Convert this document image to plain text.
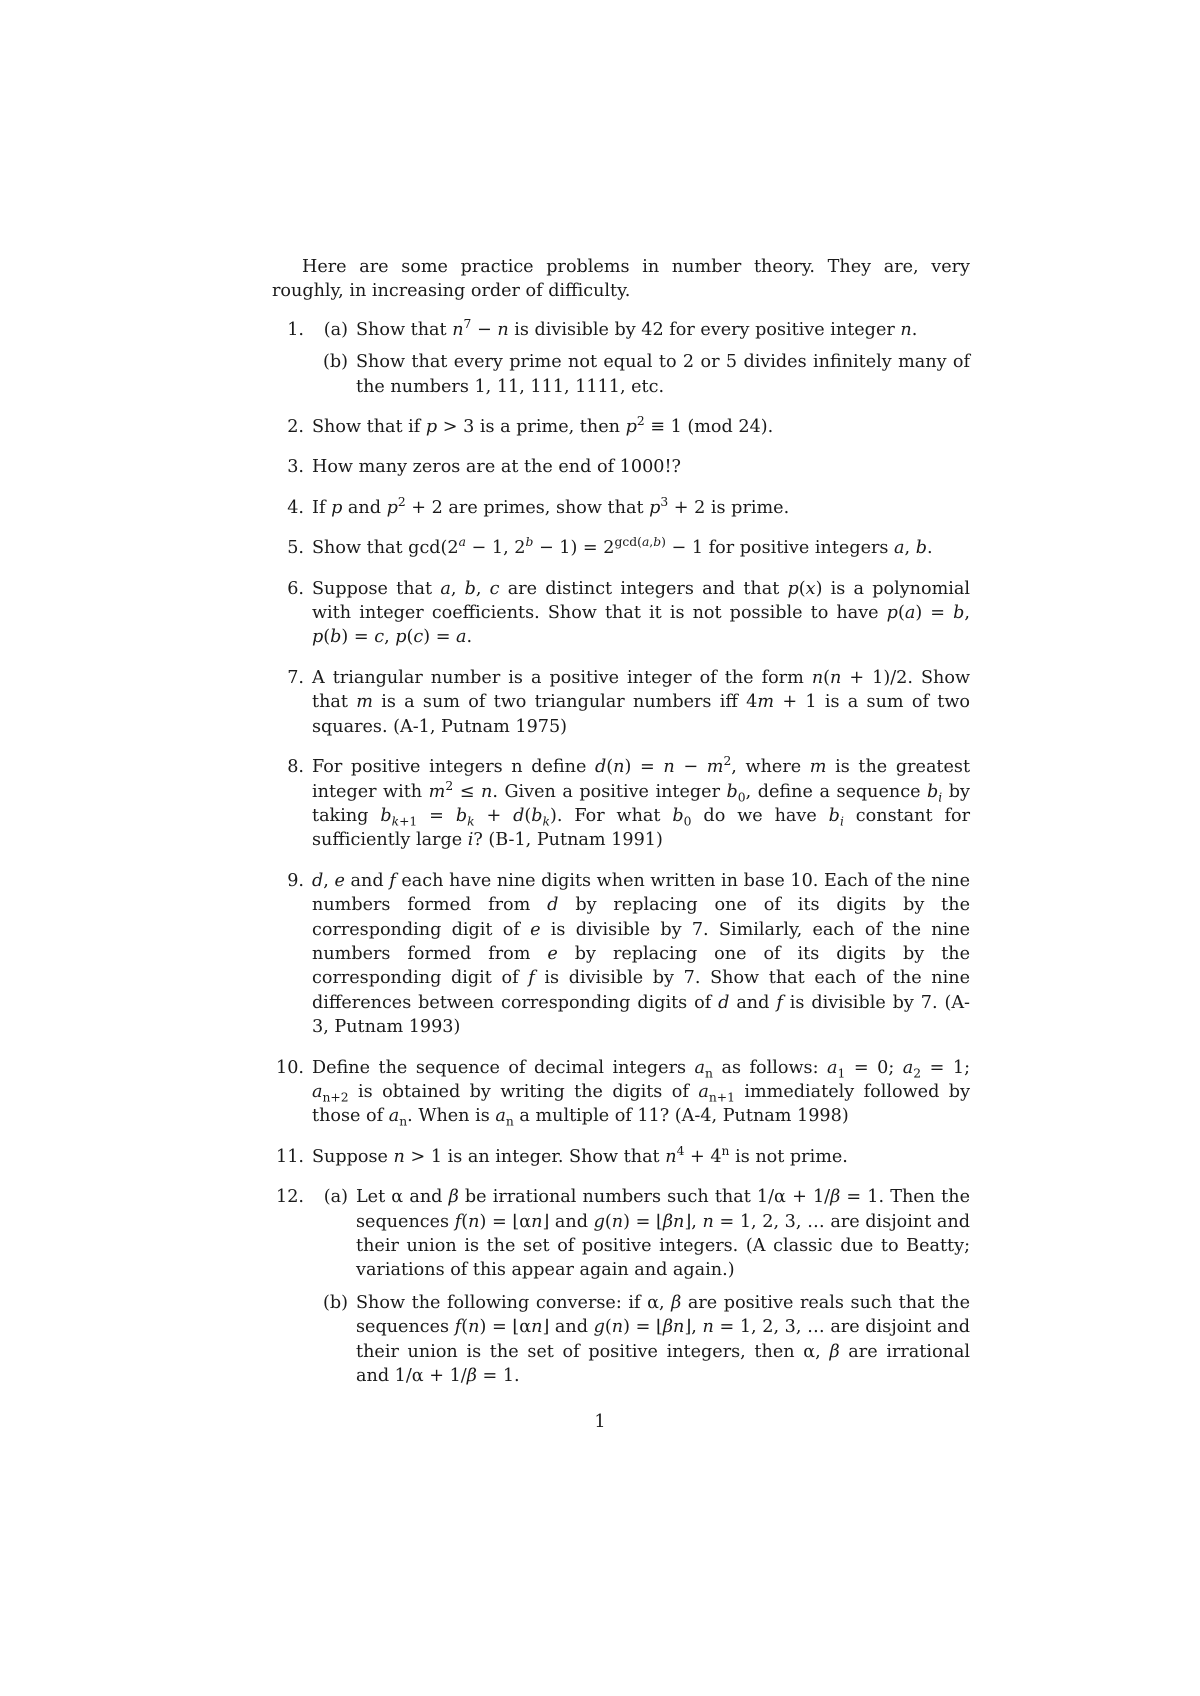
Here are some practice problems in number theory. They are, very roughly, in increasing order of difficulty.

1.	(a) Show that $n^7 - n$ is divisible by 42 for every positive integer n.
(b) Show that every prime not equal to 2 or 5 divides infinitely many of the numbers 1, 11, 111, 1111, etc.
2. Show that if p > 3 is a prime, then $p^2 \equiv 1$ (mod 24).
3. How many zeros are at the end of 1000!?
4. If p and $p^2 + 2$ are primes, show that $p^3 + 2$ is prime.
5. Show that $\gcd(2^a - 1$, $2^b - 1) = 2^{gcd(a,b)} - 1$ for positive integers a, b.
6. Suppose that a, b, c are distinct integers and that p(x) is a polynomial with integer coefficients. Show that it is not possible to have p(a) = b, p(b) = c, p(c) = a.
7. A triangular number is a positive integer of the form n(n + 1)/2. Show that m is a sum of two triangular numbers iff 4m + 1 is a sum of two squares. (A-1, Putnam 1975)
8. For positive integers n define $d(n) = n - m^2$, where m is the greatest integer with $m^2 \le n$. Given a positive integer $b_0$, define a sequence $b_i$ by taking $b_{k+1} = b_k + d(b_k)$. For what $b_0$ do we have $b_i$ constant for sufficiently large i? (B-1, Putnam 1991)
9. d, e and f each have nine digits when written in base 10. Each of the nine numbers formed from d by replacing one of its digits by the corresponding digit of e is divisible by 7. Similarly, each of the nine numbers formed from e by replacing one of its digits by the corresponding digit of f is divisible by 7. Show that each of the nine differences between corresponding digits of d and f is divisible by 7. (A-3, Putnam 1993)
10. Define the sequence of decimal integers $a_n$ as follows: $a_1 = 0$; $a_2 = 1$; $a_{n+2}$ is obtained by writing the digits of $a_{n+1}$ immediately followed by those of $a_n$. When is $a_n$ a multiple of 11? (A-4, Putnam 1998)
11. Suppose n > 1 is an integer. Show that $n^4 + 4^n$ is not prime.
12.	(a) Let α and β be irrational numbers such that 1/α + 1/β = 1. Then the sequences f(n) = ⌊αn⌋ and g(n) = ⌊βn⌋, n = 1, 2, 3, … are disjoint and their union is the set of positive integers. (A classic due to Beatty; variations of this appear again and again.)
(b) Show the following converse: if α, β are positive reals such that the sequences f(n) = ⌊αn⌋ and g(n) = ⌊βn⌋, n = 1, 2, 3, … are disjoint and their union is the set of positive integers, then α, β are irrational and 1/α + 1/β = 1.
1
